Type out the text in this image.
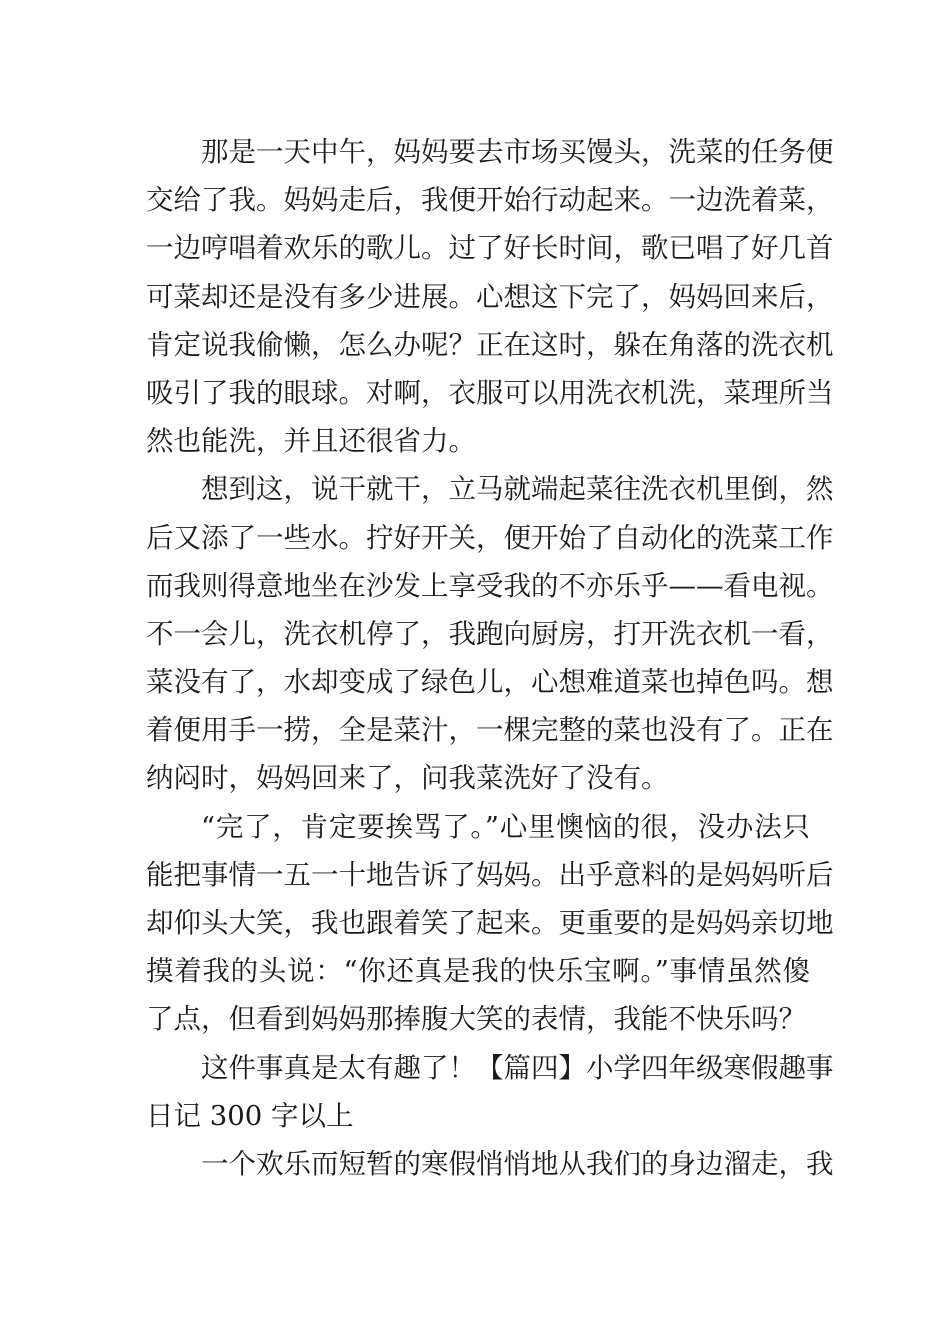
那是一天中午，妈妈要去市场买馒头，洗菜的任务便
交给了我。妈妈走后，我便开始行动起来。一边洗着菜，
一边哼唱着欢乐的歌儿。过了好长时间，歌已唱了好几首
可菜却还是没有多少进展。心想这下完了，妈妈回来后，
肯定说我偷懒，怎么办呢？正在这时，躲在角落的洗衣机
吸引了我的眼球。对啊，衣服可以用洗衣机洗，菜理所当
然也能洗，并且还很省力。
想到这，说干就干，立马就端起菜往洗衣机里倒，然
后又添了一些水。拧好开关，便开始了自动化的洗菜工作
而我则得意地坐在沙发上享受我的不亦乐乎——看电视。
不一会儿，洗衣机停了，我跑向厨房，打开洗衣机一看，
菜没有了，水却变成了绿色儿，心想难道菜也掉色吗。想
着便用手一捞，全是菜汁，一棵完整的菜也没有了。正在
纳闷时，妈妈回来了，问我菜洗好了没有。
“完了，肯定要挨骂了。”心里懊恼的很，没办法只
能把事情一五一十地告诉了妈妈。出乎意料的是妈妈听后
却仰头大笑，我也跟着笑了起来。更重要的是妈妈亲切地
摸着我的头说：“你还真是我的快乐宝啊。”事情虽然傻
了点，但看到妈妈那捧腹大笑的表情，我能不快乐吗？
这件事真是太有趣了！【篇四】小学四年级寒假趣事
日记 300 字以上
一个欢乐而短暂的寒假悄悄地从我们的身边溜走，我
